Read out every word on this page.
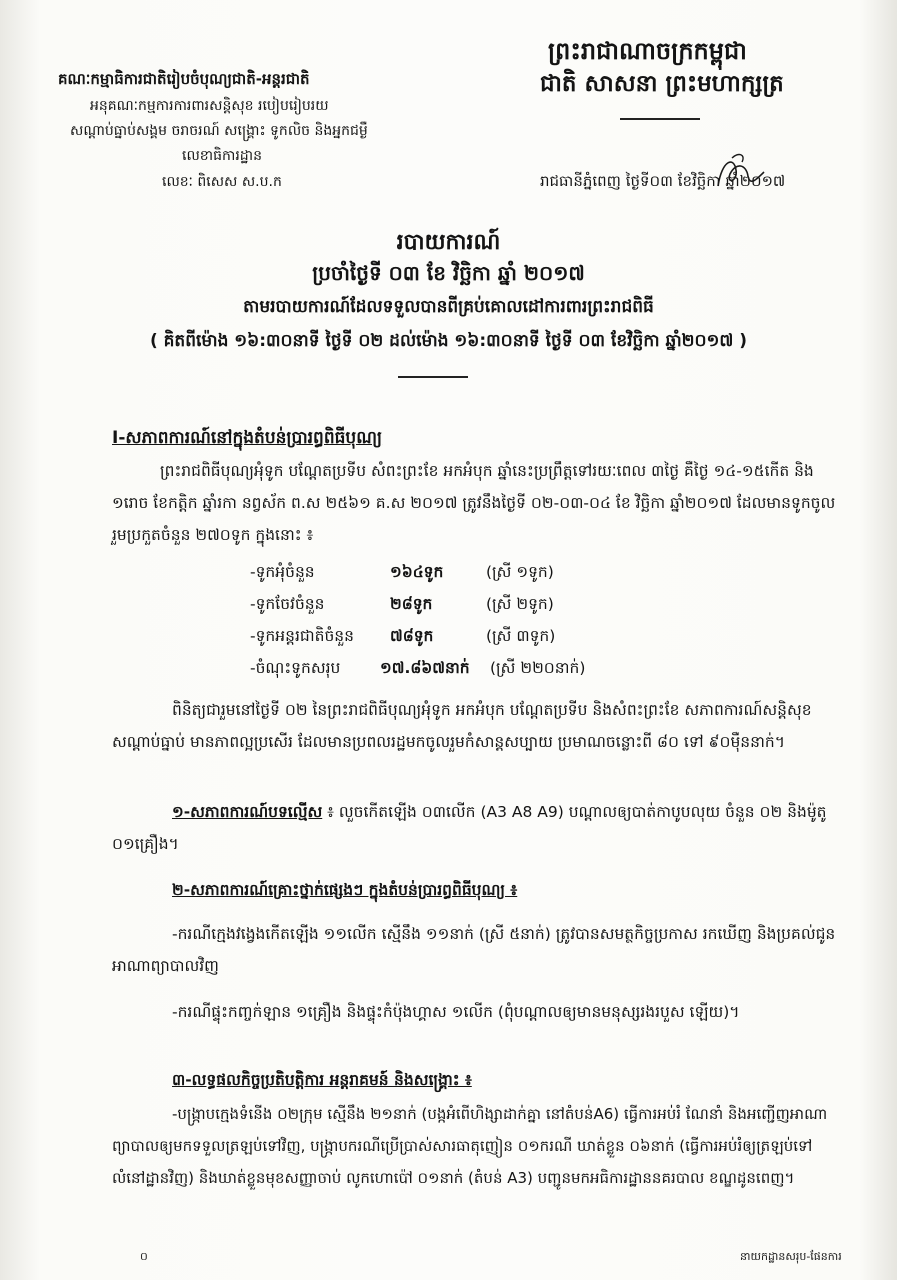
ព្រះរាជាណាចក្រកម្ពុជា
ជាតិ សាសនា ព្រះមហាក្សត្រ
គណៈកម្មាធិការជាតិរៀបចំបុណ្យជាតិ-អន្តរជាតិ
អនុគណៈកម្មការការពារសន្តិសុខ របៀបរៀបរយ
សណ្តាប់ធ្នាប់សង្គម ចរាចរណ៍ សង្គ្រោះ ទូកលិច និងអ្នកជម្ងឺ
លេខាធិការដ្ឋាន
លេខៈ ពិសេស ស.ប.ក	រាជធានីភ្នំពេញ ថ្ងៃទី០៣ ខែវិច្ឆិកា ឆ្នាំ២០១៧
របាយការណ៍
ប្រចាំថ្ងៃទី ០៣ ខែ វិច្ឆិកា ឆ្នាំ ២០១៧
តាមរបាយការណ៍ដែលទទួលបានពីគ្រប់គោលដៅការពារព្រះរាជពិធី
( គិតពីម៉ោង ១៦:៣០នាទី ថ្ងៃទី ០២ ដល់ម៉ោង ១៦:៣០នាទី ថ្ងៃទី ០៣ ខែវិច្ឆិកា ឆ្នាំ២០១៧ )
I-សភាពការណ៍នៅក្នុងតំបន់ប្រារព្ធពិធីបុណ្យ
ព្រះរាជពិធីបុណ្យអុំទូក បណ្តែតប្រទីប សំពះព្រះខែ អកអំបុក ឆ្នាំនេះប្រព្រឹត្តទៅរយៈពេល ៣ថ្ងៃ គឺថ្ងៃ ១៤-១៥កើត និង ១រោច ខែកត្តិក ឆ្នាំរកា នព្វស័ក ព.ស ២៥៦១ គ.ស ២០១៧ ត្រូវនឹងថ្ងៃទី ០២-០៣-០៤ ខែ វិច្ឆិកា ឆ្នាំ២០១៧ ដែលមានទូកចូលរួមប្រកួតចំនួន ២៧០ទូក ក្នុងនោះ ៖
-ទូកអុំចំនួន	១៦៤ទូក	(ស្រី ១ទូក)
-ទូកចែវចំនួន	២៨ទូក	(ស្រី ២ទូក)
-ទូកអន្តរជាតិចំនួន ៧៨ទូក	(ស្រី ៣ទូក)
-ចំណុះទូកសរុប	១៧.៨៦៧នាក់ (ស្រី ២២០នាក់)
ពិនិត្យជារួមនៅថ្ងៃទី ០២ នៃព្រះរាជពិធីបុណ្យអុំទូក អកអំបុក បណ្តែតប្រទីប និងសំពះព្រះខែ សភាពការណ៍សន្តិសុខ សណ្តាប់ធ្នាប់ មានភាពល្អប្រសើរ ដែលមានប្រពលរដ្ឋមកចូលរួមកំសាន្តសប្បាយ ប្រមាណចន្លោះពី ៨០ ទៅ ៩០ម៉ឺននាក់។
១-សភាពការណ៍បទល្មើស ៖ លួចកើតឡើង ០៣លើក (A3 A8 A9) បណ្តាលឲ្យបាត់កាបូបលុយ ចំនួន ០២ និងម៉ូតូ ០១គ្រឿង។
២-សភាពការណ៍គ្រោះថ្នាក់ផ្សេងៗ ក្នុងតំបន់ប្រារព្ធពិធីបុណ្យ ៖
-ករណីក្មេងវង្វេងកើតឡើង ១១លើក ស្មើនឹង ១១នាក់ (ស្រី ៥នាក់) ត្រូវបានសមត្ថកិច្ចប្រកាស រកឃើញ និងប្រគល់ជូនអាណាព្យាបាលវិញ
-ករណីផ្ទុះកញ្ចក់ឡាន ១គ្រឿង និងផ្ទុះកំប៉ុងហ្គាស ១លើក (ពុំបណ្តាលឲ្យមានមនុស្សរងរបួស ឡើយ)។
៣-លទ្ធផលកិច្ចប្រតិបត្តិការ អន្តរាគមន៍ និងសង្គ្រោះ ៖
-បង្ក្រាបក្មេងទំនើង ០២ក្រុម ស្មើនឹង ២១នាក់ (បង្កអំពើហិង្សាដាក់គ្នា នៅតំបន់A6) ធ្វើការអប់រំ ណែនាំ និងអញ្ជើញអាណាព្យាបាលឲ្យមកទទួលត្រឡប់ទៅវិញ, បង្ក្រាបករណីប្រើប្រាស់សារធាតុញៀន ០១ករណី ឃាត់ខ្លួន ០៦នាក់ (ធ្វើការអប់រំឲ្យត្រឡប់ទៅលំនៅដ្ឋានវិញ) និងឃាត់ខ្លួនមុខសញ្ញាចាប់ លូកហោប៉ៅ ០១នាក់ (តំបន់ A3) បញ្ជូនមកអធិការដ្ឋាននគរបាល ខណ្ឌដូនពេញ។
០	នាយកដ្ឋានសរុប-ផែនការ
